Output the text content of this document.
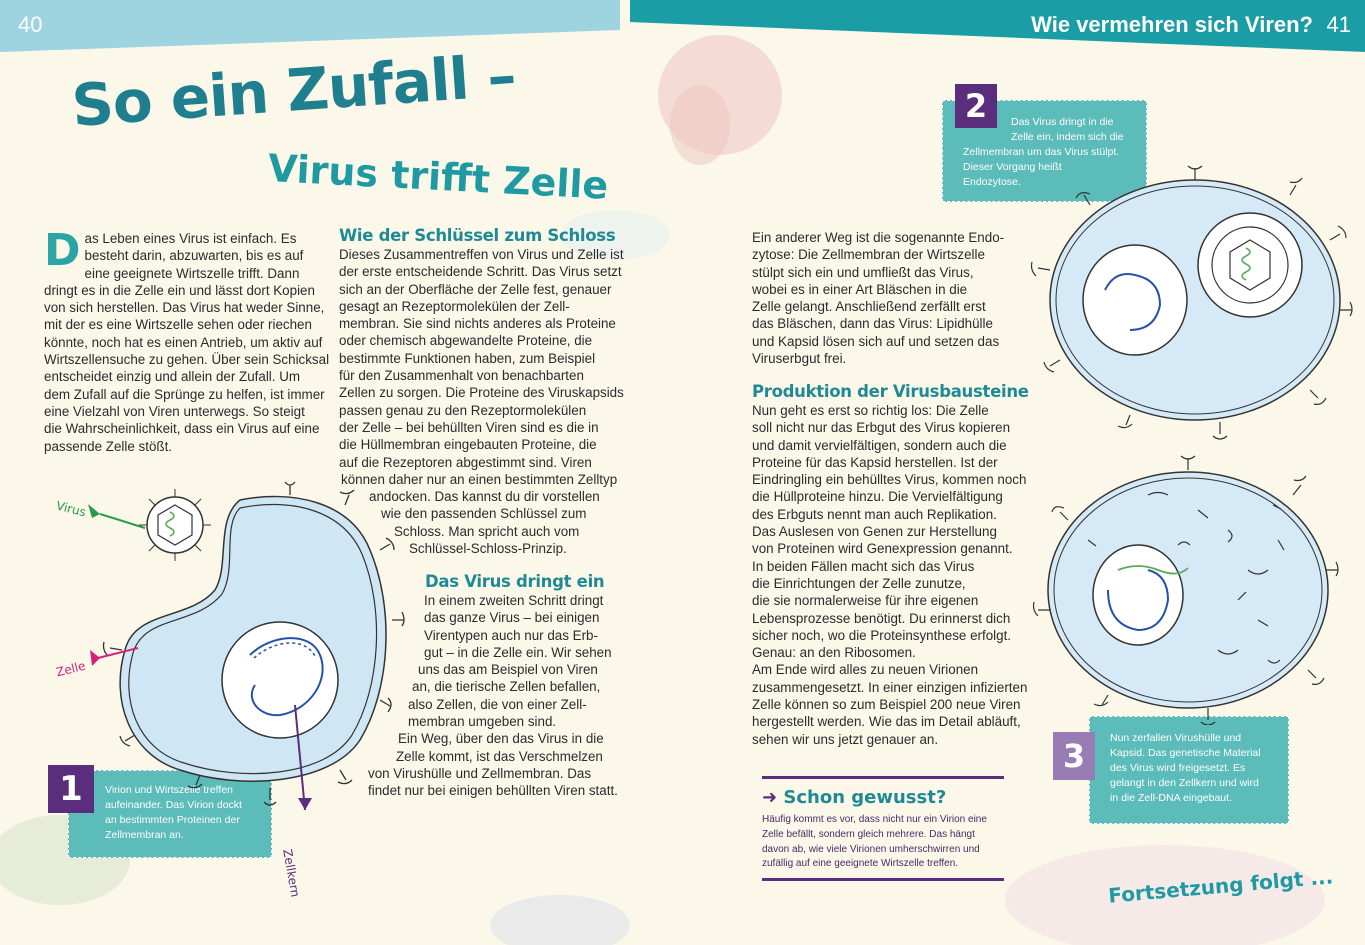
40	Wie vermehren sich Viren? 41
So ein Zufall –
Virus trifft Zelle
D as Leben eines Virus ist einfach. Es
besteht darin, abzuwarten, bis es auf
eine geeignete Wirtszelle trifft. Dann
dringt es in die Zelle ein und lässt dort Kopien
von sich herstellen. Das Virus hat weder Sinne,
mit der es eine Wirtszelle sehen oder riechen
könnte, noch hat es einen Antrieb, um aktiv auf
Wirtszellensuche zu gehen. Über sein Schicksal
entscheidet einzig und allein der Zufall. Um
dem Zufall auf die Sprünge zu helfen, ist immer
eine Vielzahl von Viren unterwegs. So steigt
die Wahrscheinlichkeit, dass ein Virus auf eine
passende Zelle stößt.
Wie der Schlüssel zum Schloss
Dieses Zusammentreffen von Virus und Zelle ist
der erste entscheidende Schritt. Das Virus setzt
sich an der Oberfläche der Zelle fest, genauer
gesagt an Rezeptormolekülen der Zell-
membran. Sie sind nichts anderes als Proteine
oder chemisch abgewandelte Proteine, die
bestimmte Funktionen haben, zum Beispiel
für den Zusammenhalt von benachbarten
Zellen zu sorgen. Die Proteine des Viruskapsids
passen genau zu den Rezeptormolekülen
der Zelle – bei behüllten Viren sind es die in
die Hüllmembran eingebauten Proteine, die
auf die Rezeptoren abgestimmt sind. Viren
können daher nur an einen bestimmten Zelltyp
andocken. Das kannst du dir vorstellen
wie den passenden Schlüssel zum
Schloss. Man spricht auch vom
Schlüssel-Schloss-Prinzip.
Das Virus dringt ein
In einem zweiten Schritt dringt
das ganze Virus – bei einigen
Virentypen auch nur das Erb-
gut – in die Zelle ein. Wir sehen
uns das am Beispiel von Viren
an, die tierische Zellen befallen,
also Zellen, die von einer Zell-
membran umgeben sind.
Ein Weg, über den das Virus in die
Zelle kommt, ist das Verschmelzen
von Virushülle und Zellmembran. Das
findet nur bei einigen behüllten Viren statt.
Ein anderer Weg ist die sogenannte Endo-
zytose: Die Zellmembran der Wirtszelle
stülpt sich ein und umfließt das Virus,
wobei es in einer Art Bläschen in die
Zelle gelangt. Anschließend zerfällt erst
das Bläschen, dann das Virus: Lipidhülle
und Kapsid lösen sich auf und setzen das
Viruserbgut frei.
Produktion der Virusbausteine
Nun geht es erst so richtig los: Die Zelle
soll nicht nur das Erbgut des Virus kopieren
und damit vervielfältigen, sondern auch die
Proteine für das Kapsid herstellen. Ist der
Eindringling ein behülltes Virus, kommen noch
die Hüllproteine hinzu. Die Vervielfältigung
des Erbguts nennt man auch Replikation.
Das Auslesen von Genen zur Herstellung
von Proteinen wird Genexpression genannt.
In beiden Fällen macht sich das Virus
die Einrichtungen der Zelle zunutze,
die sie normalerweise für ihre eigenen
Lebensprozesse benötigt. Du erinnerst dich
sicher noch, wo die Proteinsynthese erfolgt.
Genau: an den Ribosomen.
Am Ende wird alles zu neuen Virionen
zusammengesetzt. In einer einzigen infizierten
Zelle können so zum Beispiel 200 neue Viren
hergestellt werden. Wie das im Detail abläuft,
sehen wir uns jetzt genauer an.
➜ Schon gewusst?
Häufig kommt es vor, dass nicht nur ein Virion eine
Zelle befällt, sondern gleich mehrere. Das hängt
davon ab, wie viele Virionen umherschwirren und
zufällig auf eine geeignete Wirtszelle treffen.
Virion und Wirtszelle treffen
aufeinander. Das Virion dockt
an bestimmten Proteinen der
Zellmembran an.
1
Das Virus dringt in die
Zelle ein, indem sich die
Zellmembran um das Virus stülpt.
Dieser Vorgang heißt
Endozytose.
2
Nun zerfallen Virushülle und
Kapsid. Das genetische Material
des Virus wird freigesetzt. Es
gelangt in den Zellkern und wird
in die Zell-DNA eingebaut.
3
Virus
Zelle
Zellkern	Fortsetzung folgt ...
